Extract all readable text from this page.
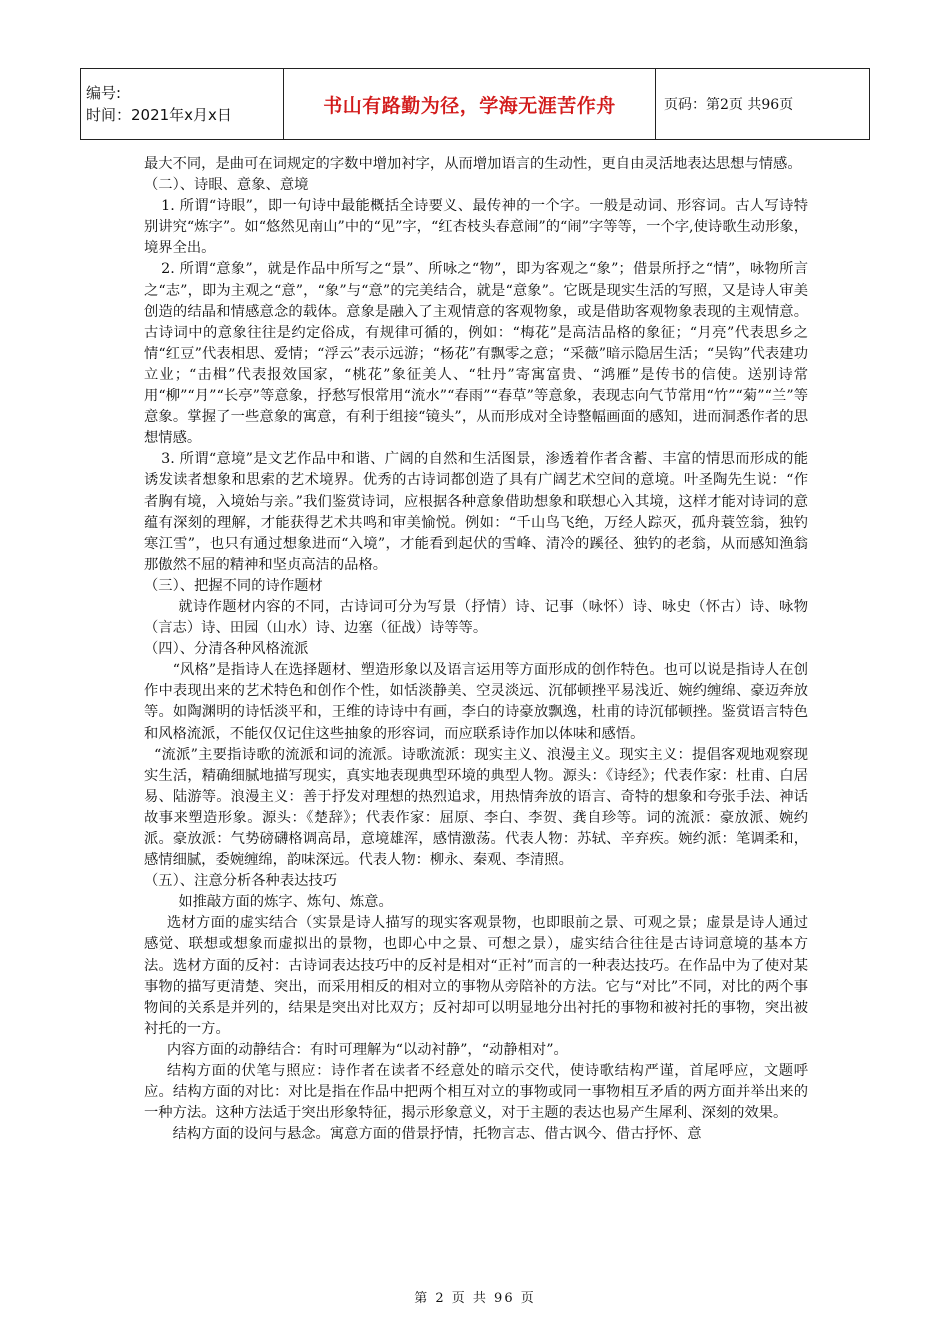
编号:
时间：2021年x月x日	书山有路勤为径，学海无涯苦作舟	页码：第2页 共96页

最大不同，是曲可在词规定的字数中增加衬字，从而增加语言的生动性，更自由灵活地表达思想与情感。

（二）、诗眼、意象、意境

1. 所谓“诗眼”，即一句诗中最能概括全诗要义、最传神的一个字。一般是动词、形容词。古人写诗特别讲究“炼字”。如“悠然见南山”中的“见”字，“红杏枝头春意闹”的“闹”字等等，一个字,使诗歌生动形象，境界全出。

2. 所谓“意象”，就是作品中所写之“景”、所咏之“物”，即为客观之“象”；借景所抒之“情”，咏物所言之“志”，即为主观之“意”，“象”与“意”的完美结合，就是“意象”。它既是现实生活的写照，又是诗人审美创造的结晶和情感意念的载体。意象是融入了主观情意的客观物象，或是借助客观物象表现的主观情意。古诗词中的意象往往是约定俗成，有规律可循的，例如：“梅花”是高洁品格的象征；“月亮”代表思乡之情“红豆”代表相思、爱情；“浮云”表示远游；“杨花”有飘零之意；“采薇”暗示隐居生活；“吴钩”代表建功立业；“击楫”代表报效国家，“桃花”象征美人、“牡丹”寄寓富贵、“鸿雁”是传书的信使。送别诗常用“柳”“月”“长亭”等意象，抒愁写恨常用“流水”“春雨”“春草”等意象，表现志向气节常用“竹”“菊”“兰”等意象。掌握了一些意象的寓意，有利于组接“镜头”，从而形成对全诗整幅画面的感知，进而洞悉作者的思想情感。

3. 所谓“意境”是文艺作品中和谐、广阔的自然和生活图景，渗透着作者含蓄、丰富的情思而形成的能诱发读者想象和思索的艺术境界。优秀的古诗词都创造了具有广阔艺术空间的意境。叶圣陶先生说：“作者胸有境，入境始与亲。”我们鉴赏诗词，应根据各种意象借助想象和联想心入其境，这样才能对诗词的意蕴有深刻的理解，才能获得艺术共鸣和审美愉悦。例如：“千山鸟飞绝，万经人踪灭，孤舟蓑笠翁，独钓寒江雪”，也只有通过想象进而“入境”，才能看到起伏的雪峰、清冷的蹊径、独钓的老翁，从而感知渔翁那傲然不屈的精神和坚贞高洁的品格。

（三）、把握不同的诗作题材

就诗作题材内容的不同，古诗词可分为写景（抒情）诗、记事（咏怀）诗、咏史（怀古）诗、咏物（言志）诗、田园（山水）诗、边塞（征战）诗等等。

（四）、分清各种风格流派

“风格”是指诗人在选择题材、塑造形象以及语言运用等方面形成的创作特色。也可以说是指诗人在创作中表现出来的艺术特色和创作个性，如恬淡静美、空灵淡远、沉郁顿挫平易浅近、婉约缠绵、豪迈奔放等。如陶渊明的诗恬淡平和，王维的诗诗中有画，李白的诗豪放飘逸，杜甫的诗沉郁顿挫。鉴赏语言特色和风格流派，不能仅仅记住这些抽象的形容词，而应联系诗作加以体味和感悟。

“流派”主要指诗歌的流派和词的流派。诗歌流派：现实主义、浪漫主义。现实主义：提倡客观地观察现实生活，精确细腻地描写现实，真实地表现典型环境的典型人物。源头：《诗经》；代表作家：杜甫、白居易、陆游等。浪漫主义：善于抒发对理想的热烈追求，用热情奔放的语言、奇特的想象和夸张手法、神话故事来塑造形象。源头：《楚辞》；代表作家：屈原、李白、李贺、龚自珍等。词的流派：豪放派、婉约派。豪放派：气势磅礴格调高昂，意境雄浑，感情激荡。代表人物：苏轼、辛弃疾。婉约派：笔调柔和，感情细腻，委婉缠绵，韵味深远。代表人物：柳永、秦观、李清照。

（五）、注意分析各种表达技巧

如推敲方面的炼字、炼句、炼意。

选材方面的虚实结合（实景是诗人描写的现实客观景物，也即眼前之景、可观之景；虚景是诗人通过感觉、联想或想象而虚拟出的景物，也即心中之景、可想之景），虚实结合往往是古诗词意境的基本方法。选材方面的反衬：古诗词表达技巧中的反衬是相对“正衬”而言的一种表达技巧。在作品中为了使对某事物的描写更清楚、突出，而采用相反的相对立的事物从旁陪补的方法。它与“对比”不同，对比的两个事物间的关系是并列的，结果是突出对比双方；反衬却可以明显地分出衬托的事物和被衬托的事物，突出被衬托的一方。

内容方面的动静结合：有时可理解为“以动衬静”，“动静相对”。

结构方面的伏笔与照应：诗作者在读者不经意处的暗示交代，使诗歌结构严谨，首尾呼应，文题呼应。结构方面的对比：对比是指在作品中把两个相互对立的事物或同一事物相互矛盾的两方面并举出来的一种方法。这种方法适于突出形象特征，揭示形象意义，对于主题的表达也易产生犀利、深刻的效果。

结构方面的设问与悬念。寓意方面的借景抒情，托物言志、借古讽今、借古抒怀、意

第 2 页 共 96 页
